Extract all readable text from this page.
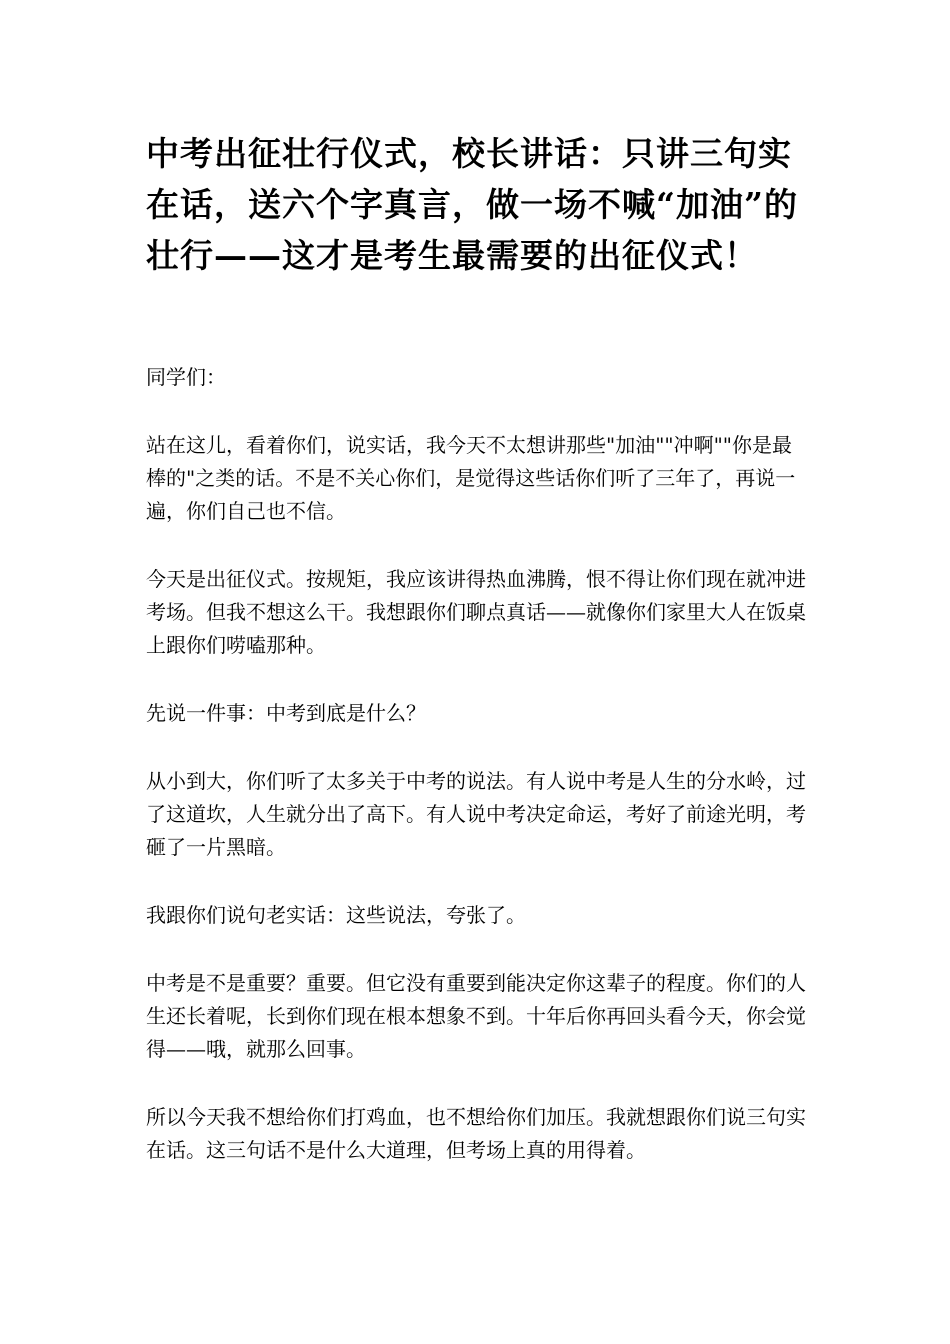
中考出征壮行仪式，校长讲话：只讲三句实在话，送六个字真言，做一场不喊“加油”的壮行——这才是考生最需要的出征仪式！

同学们：

站在这儿，看着你们，说实话，我今天不太想讲那些"加油""冲啊""你是最棒的"之类的话。不是不关心你们，是觉得这些话你们听了三年了，再说一遍，你们自己也不信。

今天是出征仪式。按规矩，我应该讲得热血沸腾，恨不得让你们现在就冲进考场。但我不想这么干。我想跟你们聊点真话——就像你们家里大人在饭桌上跟你们唠嗑那种。

先说一件事：中考到底是什么？

从小到大，你们听了太多关于中考的说法。有人说中考是人生的分水岭，过了这道坎，人生就分出了高下。有人说中考决定命运，考好了前途光明，考砸了一片黑暗。

我跟你们说句老实话：这些说法，夸张了。

中考是不是重要？重要。但它没有重要到能决定你这辈子的程度。你们的人生还长着呢，长到你们现在根本想象不到。十年后你再回头看今天，你会觉得——哦，就那么回事。

所以今天我不想给你们打鸡血，也不想给你们加压。我就想跟你们说三句实在话。这三句话不是什么大道理，但考场上真的用得着。
